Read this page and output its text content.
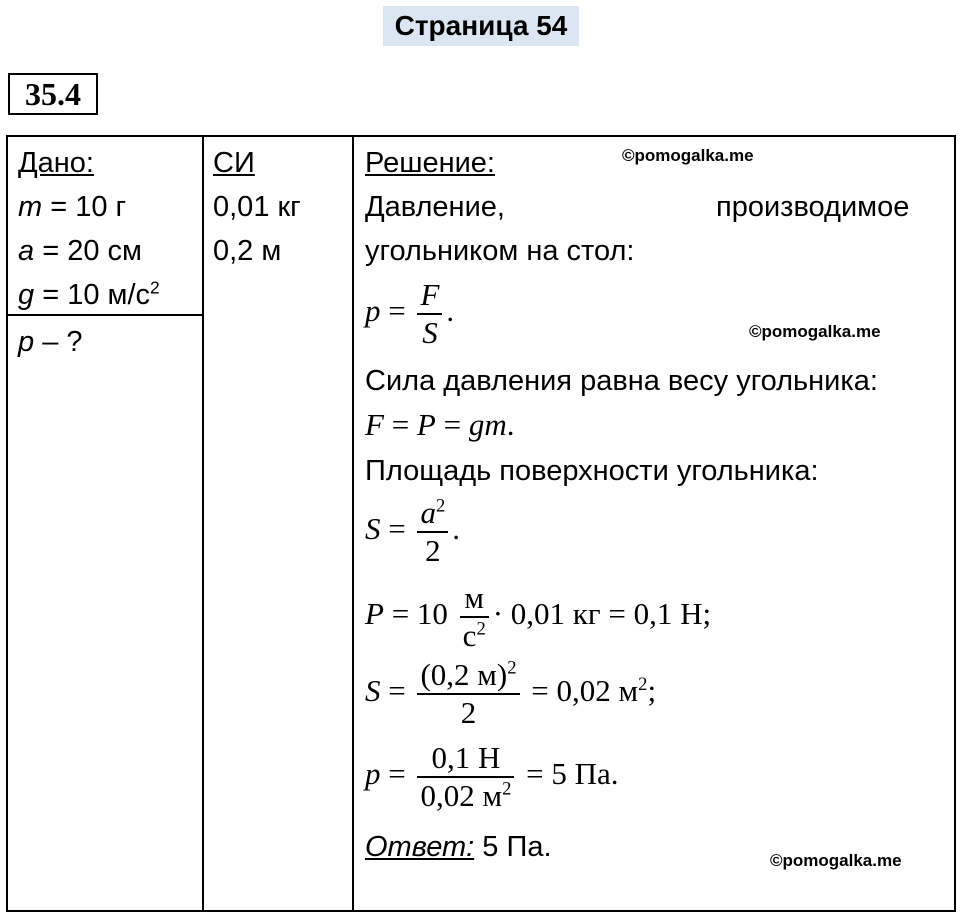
Страница 54
35.4
Дано:
m = 10 г
a = 20 см
g = 10 $м/с^2$
p – ?
СИ
0,01 кг
0,2 м
Решение:
Давление,	производимое
угольником на стол:
$p = \frac{F}{S}$ .
Сила давления равна весу угольника:
F = P = gm.
Площадь поверхности угольника:
$S = \frac{a^2}{2}$ .
$P = 10 \frac{м}{с^2} \cdot 0,01$ кг = 0,1 Н;
$S = \frac{(0,2 м)^2}{2} = 0,02$ $м^2$;
$p = \frac{0,1 Н}{0,02 м^2} = 5$ Па.
Ответ: 5 Па.
©pomogalka.me
©pomogalka.me
©pomogalka.me
